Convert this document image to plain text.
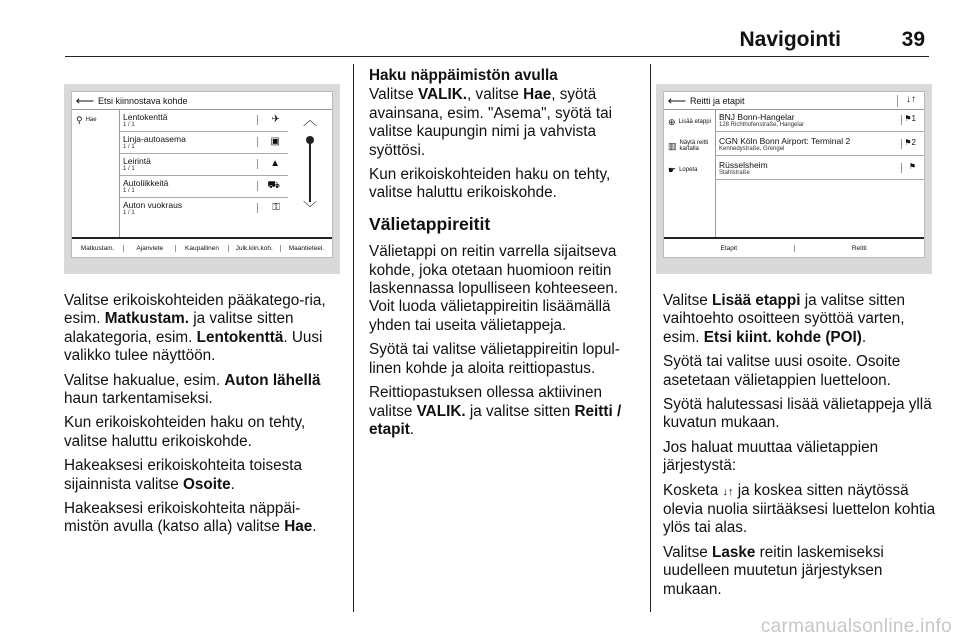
Navigointi	39
⟵ Etsi kiinnostava kohde
⚲ Hae	Lentokenttä
1 / 1	✈
Linja-autoasema
1 / 1	▣
Leirintä
1 / 1	▲
Autoliikkeitä
1 / 1	⛟
Auton vuokraus
1 / 1	⚿
︿
﹀
Matkustam.	Ajanviete	Kaupallinen	Julk.kiin.koh.	Maantieteel.
⟵ Reitti ja etapit	↓↑
⊕ Lisää etappi
▥ Näytä reitti kartalla
☛ Lopeta
BNJ Bonn-Hangelar
128 Richthofenstraße, Hangelar
⚑1
CGN Köln Bonn Airport: Terminal 2
Kennedystraße, Grengel
⚑2
Rüsselsheim
Stahlstraße
⚑
Etapit	Reitti

Valitse erikoiskohteiden pääkatego-ria, esim. Matkustam. ja valitse sitten alakategoria, esim. Lentokenttä. Uusi valikko tulee näyttöön.

Valitse hakualue, esim. Auton lähellä haun tarkentamiseksi.

Kun erikoiskohteiden haku on tehty, valitse haluttu erikoiskohde.

Hakeaksesi erikoiskohteita toisesta sijainnista valitse Osoite.

Hakeaksesi erikoiskohteita näppäi-mistön avulla (katso alla) valitse Hae.

Haku näppäimistön avulla

Valitse VALIK., valitse Hae, syötä avainsana, esim. "Asema", syötä tai valitse kaupungin nimi ja vahvista syöttösi.

Kun erikoiskohteiden haku on tehty, valitse haluttu erikoiskohde.

Välietappireitit

Välietappi on reitin varrella sijaitseva kohde, joka otetaan huomioon reitin laskennassa lopulliseen kohteeseen. Voit luoda välietappireitin lisäämällä yhden tai useita välietappeja.

Syötä tai valitse välietappireitin lopul-linen kohde ja aloita reittiopastus.

Reittiopastuksen ollessa aktiivinen valitse VALIK. ja valitse sitten Reitti / etapit.

Valitse Lisää etappi ja valitse sitten vaihtoehto osoitteen syöttöä varten, esim. Etsi kiint. kohde (POI).

Syötä tai valitse uusi osoite. Osoite asetetaan välietappien luetteloon.

Syötä halutessasi lisää välietappeja yllä kuvatun mukaan.

Jos haluat muuttaa välietappien järjestystä:

Kosketa ↓↑ ja koskea sitten näytössä olevia nuolia siirtääksesi luettelon kohtia ylös tai alas.

Valitse Laske reitin laskemiseksi uudelleen muutetun järjestyksen mukaan.

carmanualsonline.info
